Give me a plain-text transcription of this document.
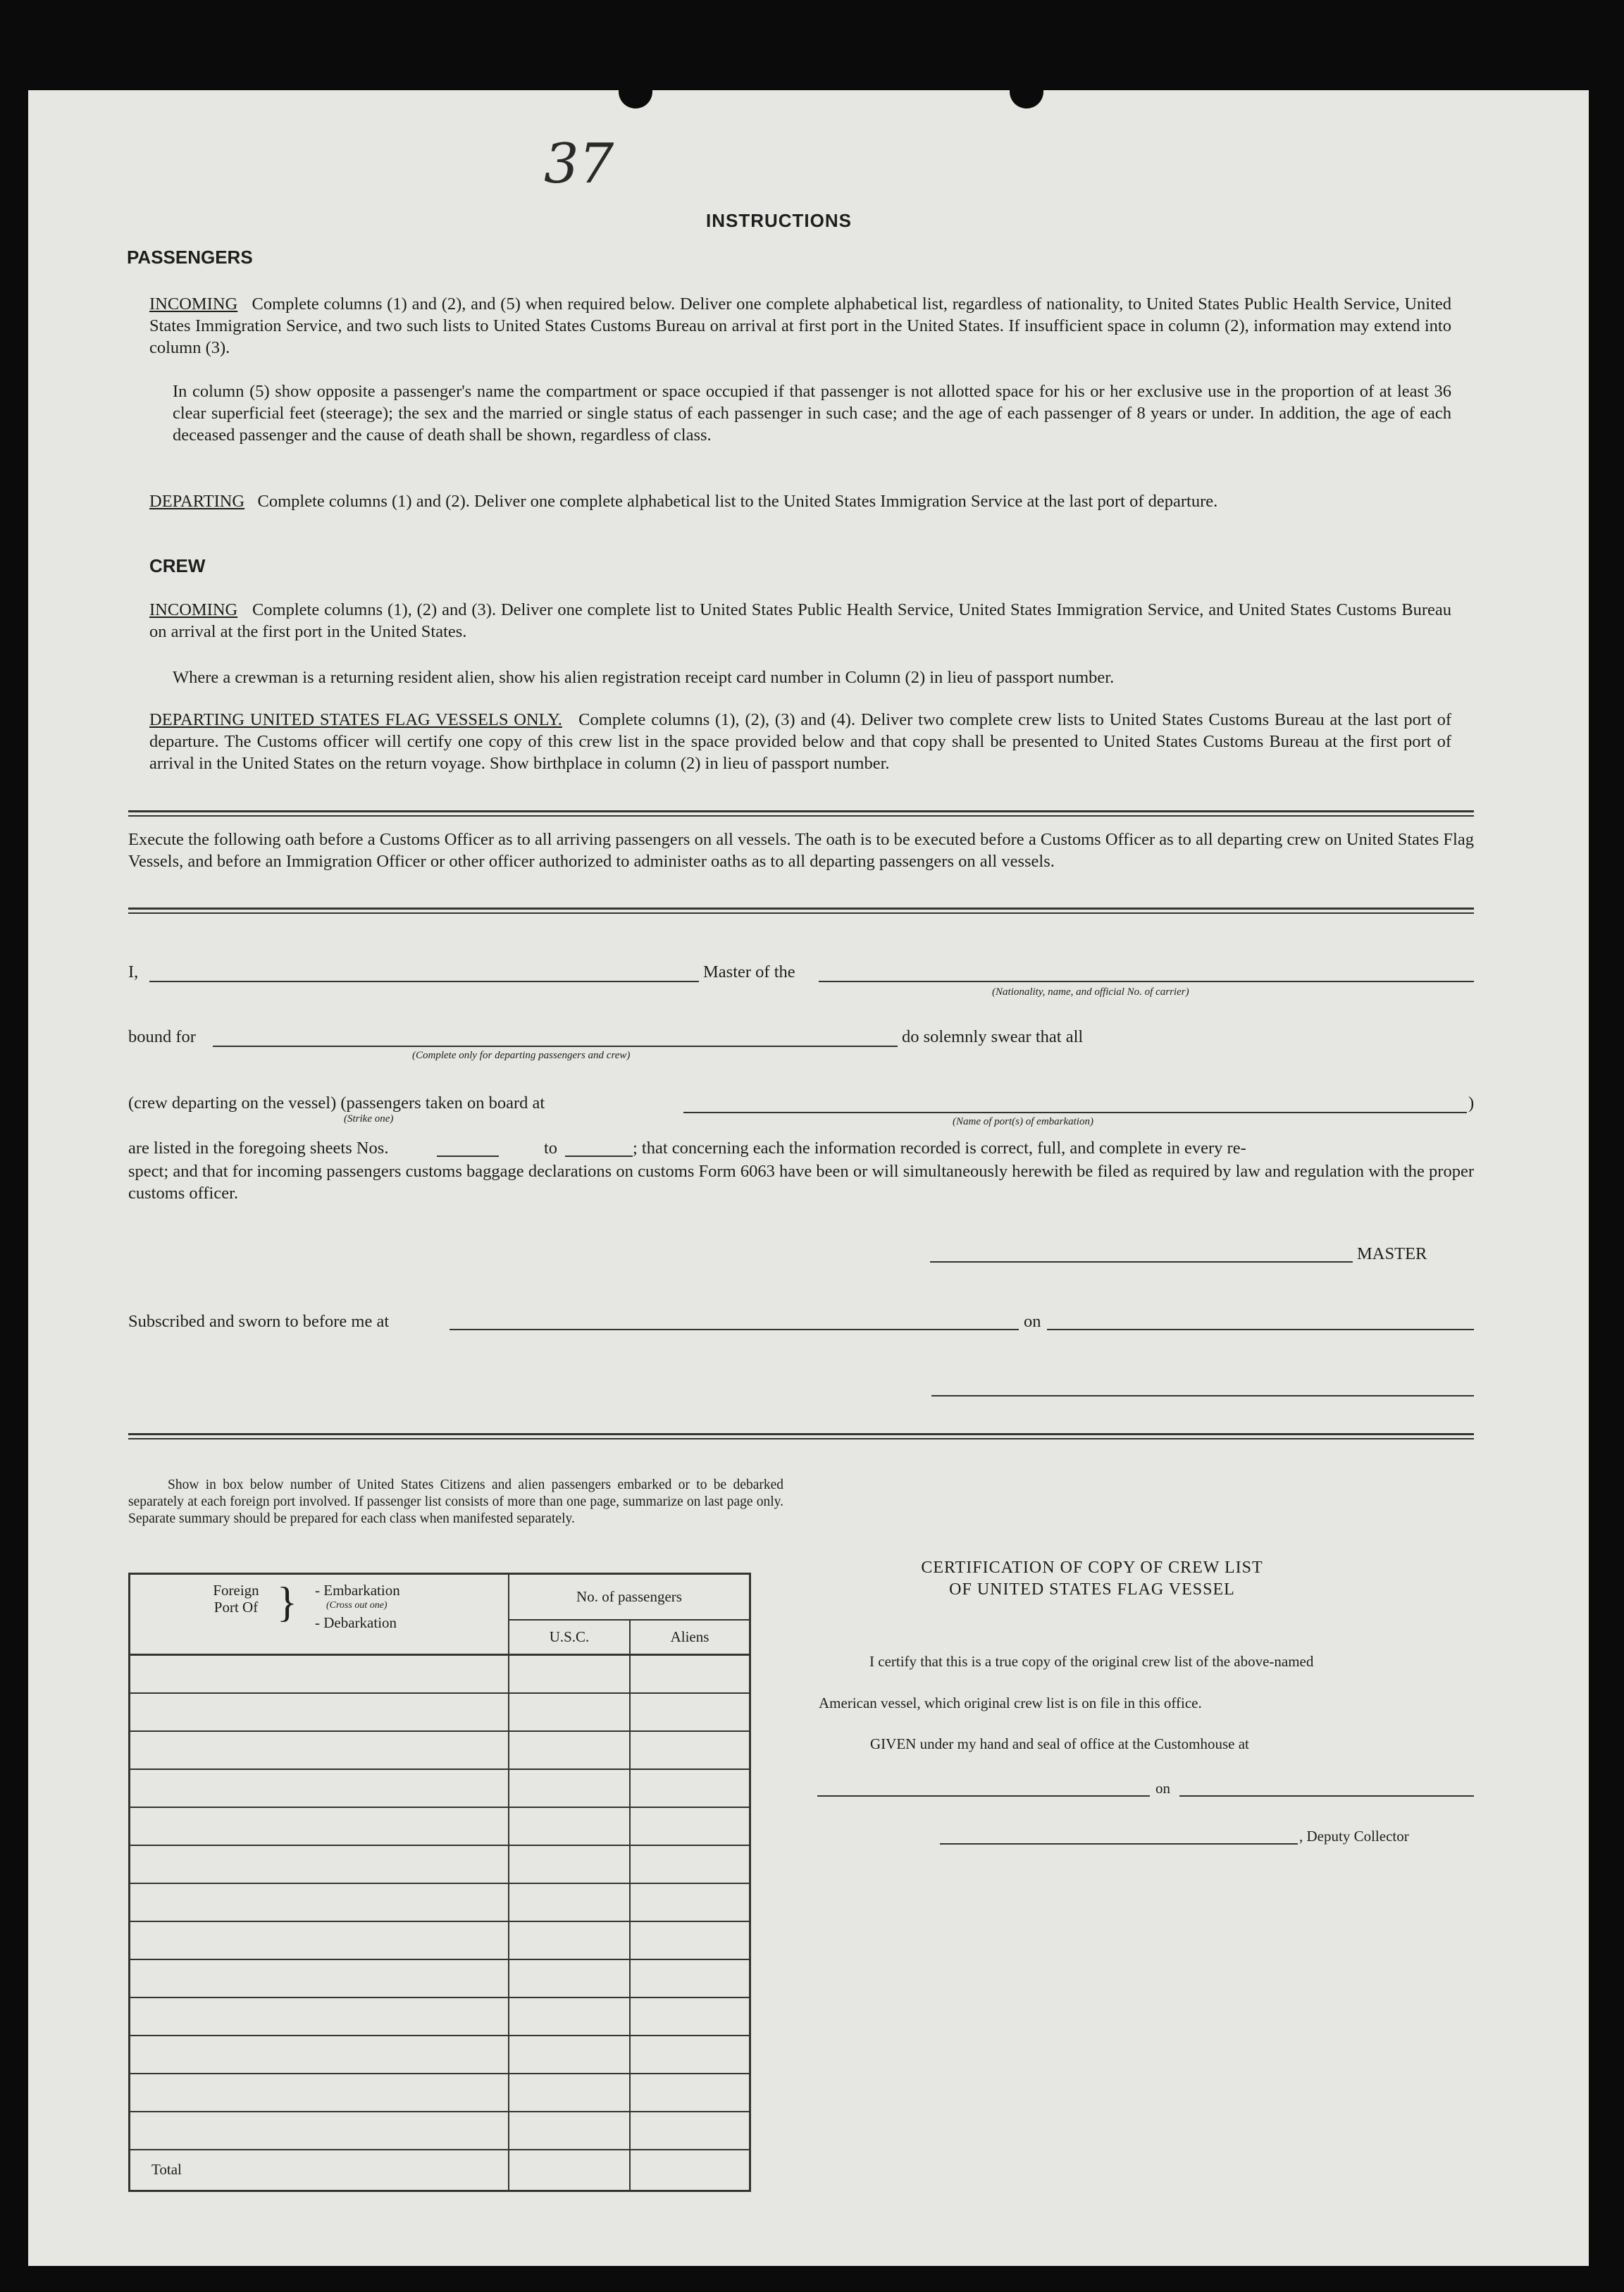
37
INSTRUCTIONS
PASSENGERS
INCOMING Complete columns (1) and (2), and (5) when required below. Deliver one complete alphabetical list, regardless of nationality, to United States Public Health Service, United States Immigration Service, and two such lists to United States Customs Bureau on arrival at first port in the United States. If insufficient space in column (2), information may extend into column (3).
In column (5) show opposite a passenger's name the compartment or space occupied if that passenger is not allotted space for his or her exclusive use in the proportion of at least 36 clear superficial feet (steerage); the sex and the married or single status of each passenger in such case; and the age of each passenger of 8 years or under. In addition, the age of each deceased passenger and the cause of death shall be shown, regardless of class.
DEPARTING Complete columns (1) and (2). Deliver one complete alphabetical list to the United States Immigration Service at the last port of departure.
CREW
INCOMING Complete columns (1), (2) and (3). Deliver one complete list to United States Public Health Service, United States Immigration Service, and United States Customs Bureau on arrival at the first port in the United States.
Where a crewman is a returning resident alien, show his alien registration receipt card number in Column (2) in lieu of passport number.
DEPARTING UNITED STATES FLAG VESSELS ONLY. Complete columns (1), (2), (3) and (4). Deliver two complete crew lists to United States Customs Bureau at the last port of departure. The Customs officer will certify one copy of this crew list in the space provided below and that copy shall be presented to United States Customs Bureau at the first port of arrival in the United States on the return voyage. Show birthplace in column (2) in lieu of passport number.
Execute the following oath before a Customs Officer as to all arriving passengers on all vessels. The oath is to be executed before a Customs Officer as to all departing crew on United States Flag Vessels, and before an Immigration Officer or other officer authorized to administer oaths as to all departing passengers on all vessels.
I,	Master of the
(Nationality, name, and official No. of carrier)
bound for
(Complete only for departing passengers and crew)
do solemnly swear that all
(crew departing on the vessel) (passengers taken on board at	)
(Strike one)	(Name of port(s) of embarkation)
are listed in the foregoing sheets Nos.	to	; that concerning each the information recorded is correct, full, and complete in every re-
spect; and that for incoming passengers customs baggage declarations on customs Form 6063 have been or will simultaneously herewith be filed as required by law and regulation with the proper customs officer.
MASTER
Subscribed and sworn to before me at	on
Show in box below number of United States Citizens and alien passengers embarked or to be debarked separately at each foreign port involved. If passenger list consists of more than one page, summarize on last page only. Separate summary should be prepared for each class when manifested separately.
Foreign Port Of } - Embarkation
(Cross out one)
- Debarkation	No. of passengers	
	U.S.C.	Aliens

Total		
CERTIFICATION OF COPY OF CREW LIST
OF UNITED STATES FLAG VESSEL
I certify that this is a true copy of the original crew list of the above-named
American vessel, which original crew list is on file in this office.
GIVEN under my hand and seal of office at the Customhouse at
on
, Deputy Collector
